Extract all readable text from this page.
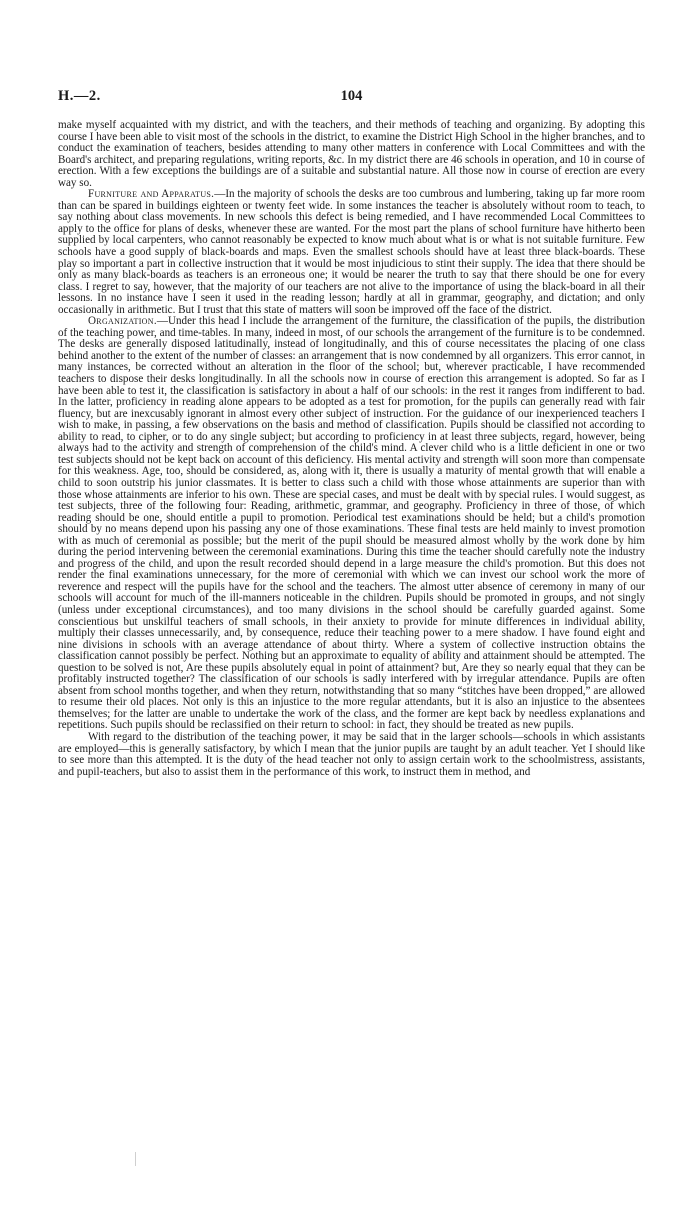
H.—2.	104

make myself acquainted with my district, and with the teachers, and their methods of teaching and organizing. By adopting this course I have been able to visit most of the schools in the district, to examine the District High School in the higher branches, and to conduct the examination of teachers, besides attending to many other matters in conference with Local Committees and with the Board's architect, and preparing regulations, writing reports, &c. In my district there are 46 schools in operation, and 10 in course of erection. With a few exceptions the buildings are of a suitable and substantial nature. All those now in course of erection are every way so.

Furniture and Apparatus.—In the majority of schools the desks are too cumbrous and lumbering, taking up far more room than can be spared in buildings eighteen or twenty feet wide. In some instances the teacher is absolutely without room to teach, to say nothing about class movements. In new schools this defect is being remedied, and I have recommended Local Committees to apply to the office for plans of desks, whenever these are wanted. For the most part the plans of school furniture have hitherto been supplied by local carpenters, who cannot reasonably be expected to know much about what is or what is not suitable furniture. Few schools have a good supply of black-boards and maps. Even the smallest schools should have at least three black-boards. These play so important a part in collective instruction that it would be most injudicious to stint their supply. The idea that there should be only as many black-boards as teachers is an erroneous one; it would be nearer the truth to say that there should be one for every class. I regret to say, however, that the majority of our teachers are not alive to the importance of using the black-board in all their lessons. In no instance have I seen it used in the reading lesson; hardly at all in grammar, geography, and dictation; and only occasionally in arithmetic. But I trust that this state of matters will soon be improved off the face of the district.

Organization.—Under this head I include the arrangement of the furniture, the classification of the pupils, the distribution of the teaching power, and time-tables. In many, indeed in most, of our schools the arrangement of the furniture is to be condemned. The desks are generally disposed latitudinally, instead of longitudinally, and this of course necessitates the placing of one class behind another to the extent of the number of classes: an arrangement that is now condemned by all organizers. This error cannot, in many instances, be corrected without an alteration in the floor of the school; but, wherever practicable, I have recommended teachers to dispose their desks longitudinally. In all the schools now in course of erection this arrangement is adopted. So far as I have been able to test it, the classification is satisfactory in about a half of our schools: in the rest it ranges from indifferent to bad. In the latter, proficiency in reading alone appears to be adopted as a test for promotion, for the pupils can generally read with fair fluency, but are inexcusably ignorant in almost every other subject of instruction. For the guidance of our inexperienced teachers I wish to make, in passing, a few observations on the basis and method of classification. Pupils should be classified not according to ability to read, to cipher, or to do any single subject; but according to proficiency in at least three subjects, regard, however, being always had to the activity and strength of comprehension of the child's mind. A clever child who is a little deficient in one or two test subjects should not be kept back on account of this deficiency. His mental activity and strength will soon more than compensate for this weakness. Age, too, should be considered, as, along with it, there is usually a maturity of mental growth that will enable a child to soon outstrip his junior classmates. It is better to class such a child with those whose attainments are superior than with those whose attainments are inferior to his own. These are special cases, and must be dealt with by special rules. I would suggest, as test subjects, three of the following four: Reading, arithmetic, grammar, and geography. Proficiency in three of those, of which reading should be one, should entitle a pupil to promotion. Periodical test examinations should be held; but a child's promotion should by no means depend upon his passing any one of those examinations. These final tests are held mainly to invest promotion with as much of ceremonial as possible; but the merit of the pupil should be measured almost wholly by the work done by him during the period intervening between the ceremonial examinations. During this time the teacher should carefully note the industry and progress of the child, and upon the result recorded should depend in a large measure the child's promotion. But this does not render the final examinations unnecessary, for the more of ceremonial with which we can invest our school work the more of reverence and respect will the pupils have for the school and the teachers. The almost utter absence of ceremony in many of our schools will account for much of the ill-manners noticeable in the children. Pupils should be promoted in groups, and not singly (unless under exceptional circumstances), and too many divisions in the school should be carefully guarded against. Some conscientious but unskilful teachers of small schools, in their anxiety to provide for minute differences in individual ability, multiply their classes unnecessarily, and, by consequence, reduce their teaching power to a mere shadow. I have found eight and nine divisions in schools with an average attendance of about thirty. Where a system of collective instruction obtains the classification cannot possibly be perfect. Nothing but an approximate to equality of ability and attainment should be attempted. The question to be solved is not, Are these pupils absolutely equal in point of attainment? but, Are they so nearly equal that they can be profitably instructed together? The classification of our schools is sadly interfered with by irregular attendance. Pupils are often absent from school months together, and when they return, notwithstanding that so many “stitches have been dropped,” are allowed to resume their old places. Not only is this an injustice to the more regular attendants, but it is also an injustice to the absentees themselves; for the latter are unable to undertake the work of the class, and the former are kept back by needless explanations and repetitions. Such pupils should be reclassified on their return to school: in fact, they should be treated as new pupils.

With regard to the distribution of the teaching power, it may be said that in the larger schools—schools in which assistants are employed—this is generally satisfactory, by which I mean that the junior pupils are taught by an adult teacher. Yet I should like to see more than this attempted. It is the duty of the head teacher not only to assign certain work to the schoolmistress, assistants, and pupil-teachers, but also to assist them in the performance of this work, to instruct them in method, and
